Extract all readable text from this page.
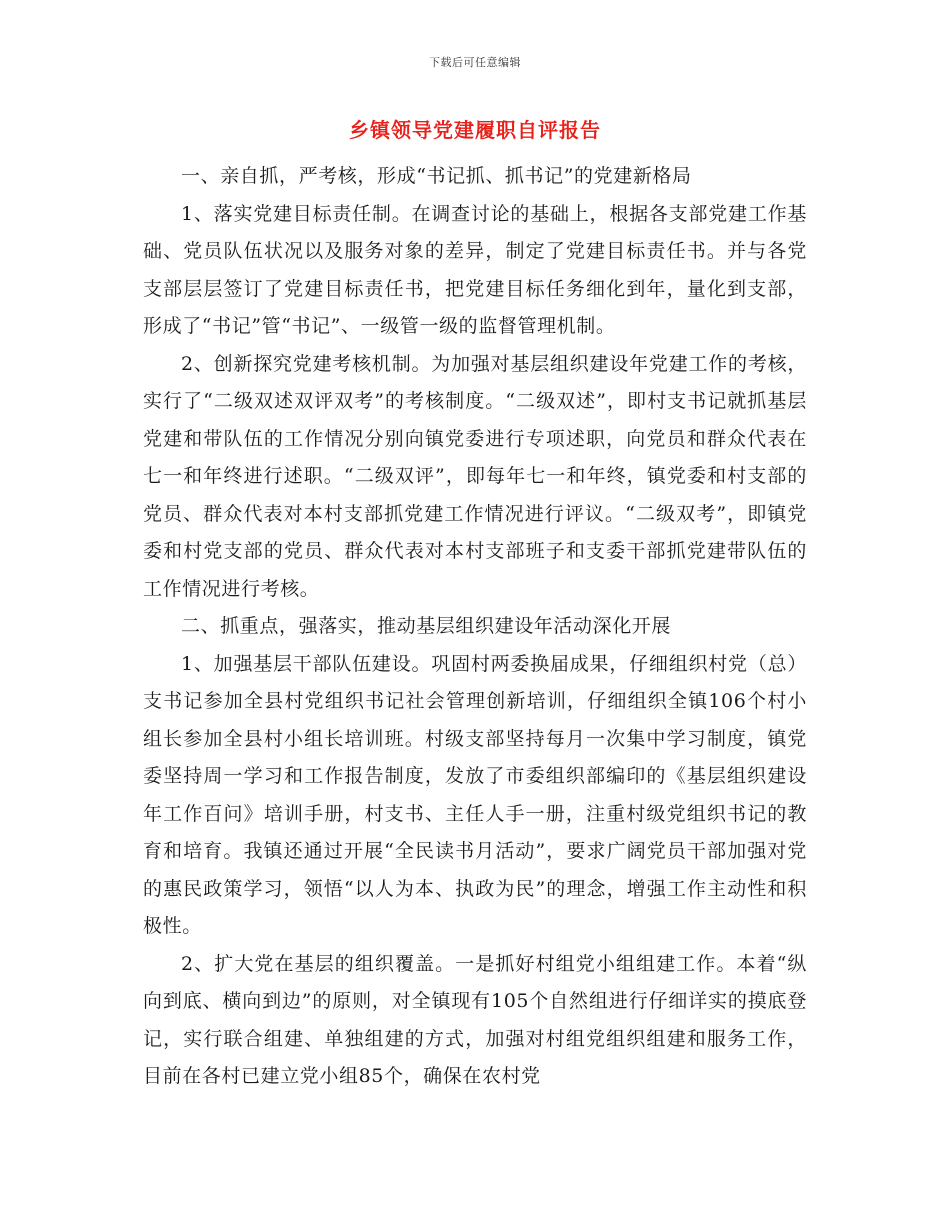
下载后可任意编辑
乡镇领导党建履职自评报告

一、亲自抓，严考核，形成“书记抓、抓书记”的党建新格局

1、落实党建目标责任制。在调查讨论的基础上，根据各支部党建工作基础、党员队伍状况以及服务对象的差异，制定了党建目标责任书。并与各党支部层层签订了党建目标责任书，把党建目标任务细化到年，量化到支部，形成了“书记”管“书记”、一级管一级的监督管理机制。

2、创新探究党建考核机制。为加强对基层组织建设年党建工作的考核，实行了“二级双述双评双考”的考核制度。“二级双述”，即村支书记就抓基层党建和带队伍的工作情况分别向镇党委进行专项述职，向党员和群众代表在七一和年终进行述职。“二级双评”，即每年七一和年终，镇党委和村支部的党员、群众代表对本村支部抓党建工作情况进行评议。“二级双考”，即镇党委和村党支部的党员、群众代表对本村支部班子和支委干部抓党建带队伍的工作情况进行考核。

二、抓重点，强落实，推动基层组织建设年活动深化开展

1、加强基层干部队伍建设。巩固村两委换届成果，仔细组织村党（总）支书记参加全县村党组织书记社会管理创新培训，仔细组织全镇106个村小组长参加全县村小组长培训班。村级支部坚持每月一次集中学习制度，镇党委坚持周一学习和工作报告制度，发放了市委组织部编印的《基层组织建设年工作百问》培训手册，村支书、主任人手一册，注重村级党组织书记的教育和培育。我镇还通过开展“全民读书月活动”，要求广阔党员干部加强对党的惠民政策学习，领悟“以人为本、执政为民”的理念，增强工作主动性和积极性。

2、扩大党在基层的组织覆盖。一是抓好村组党小组组建工作。本着“纵向到底、横向到边”的原则，对全镇现有105个自然组进行仔细详实的摸底登记，实行联合组建、单独组建的方式，加强对村组党组织组建和服务工作，目前在各村已建立党小组85个，确保在农村党
